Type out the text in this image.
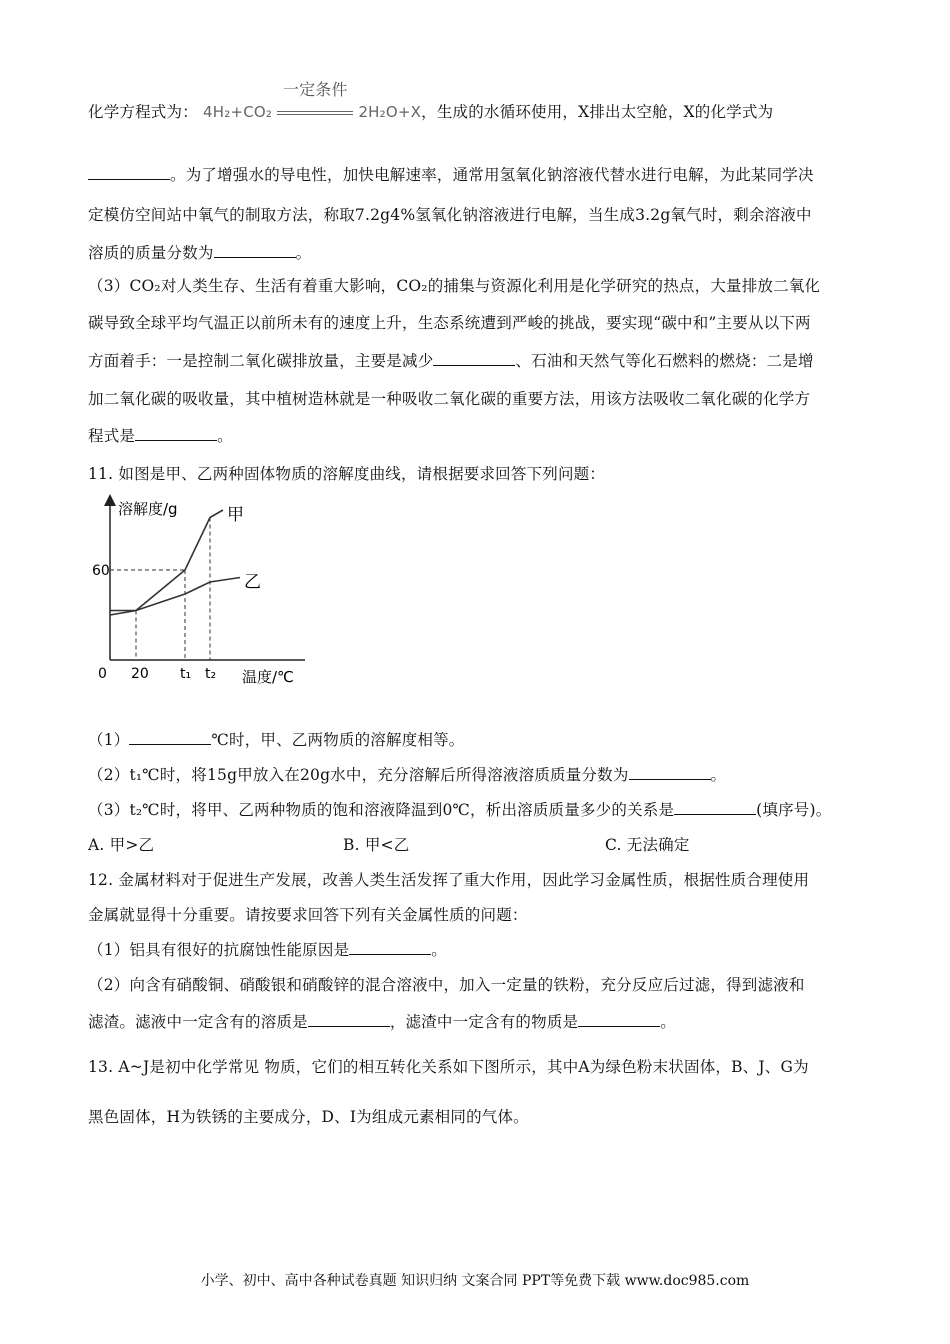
化学方程式为： 4H₂+CO₂
一定条件
2H₂O+X，生成的水循环使用，X排出太空舱，X的化学式为
。为了增强水的导电性，加快电解速率，通常用氢氧化钠溶液代替水进行电解，为此某同学决
定模仿空间站中氧气的制取方法，称取7.2g4%氢氧化钠溶液进行电解，当生成3.2g氧气时，剩余溶液中
溶质的质量分数为	。
（3）CO₂对人类生存、生活有着重大影响，CO₂的捕集与资源化利用是化学研究的热点，大量排放二氧化
碳导致全球平均气温正以前所未有的速度上升，生态系统遭到严峻的挑战，要实现“碳中和”主要从以下两
方面着手：一是控制二氧化碳排放量，主要是减少	、石油和天然气等化石燃料的燃烧：二是增
加二氧化碳的吸收量，其中植树造林就是一种吸收二氧化碳的重要方法，用该方法吸收二氧化碳的化学方
程式是	。
11. 如图是甲、乙两种固体物质的溶解度曲线，请根据要求回答下列问题：
溶解度/g
温度/℃
0 20 t₁ t₂
60
甲
乙
（1）	℃时，甲、乙两物质的溶解度相等。
（2）t₁℃时，将15g甲放入在20g水中，充分溶解后所得溶液溶质质量分数为	。
（3）t₂℃时，将甲、乙两种物质的饱和溶液降温到0℃，析出溶质质量多少的关系是	(填序号)。
A. 甲>乙	B. 甲<乙	C. 无法确定
12. 金属材料对于促进生产发展，改善人类生活发挥了重大作用，因此学习金属性质，根据性质合理使用
金属就显得十分重要。请按要求回答下列有关金属性质的问题：
（1）铝具有很好的抗腐蚀性能原因是	。
（2）向含有硝酸铜、硝酸银和硝酸锌的混合溶液中，加入一定量的铁粉，充分反应后过滤，得到滤液和
滤渣。滤液中一定含有的溶质是	，滤渣中一定含有的物质是	。
13. A~J是初中化学常见 物质，它们的相互转化关系如下图所示，其中A为绿色粉末状固体，B、J、G为
黑色固体，H为铁锈的主要成分，D、I为组成元素相同的气体。
小学、初中、高中各种试卷真题 知识归纳 文案合同 PPT等免费下载 www.doc985.com
